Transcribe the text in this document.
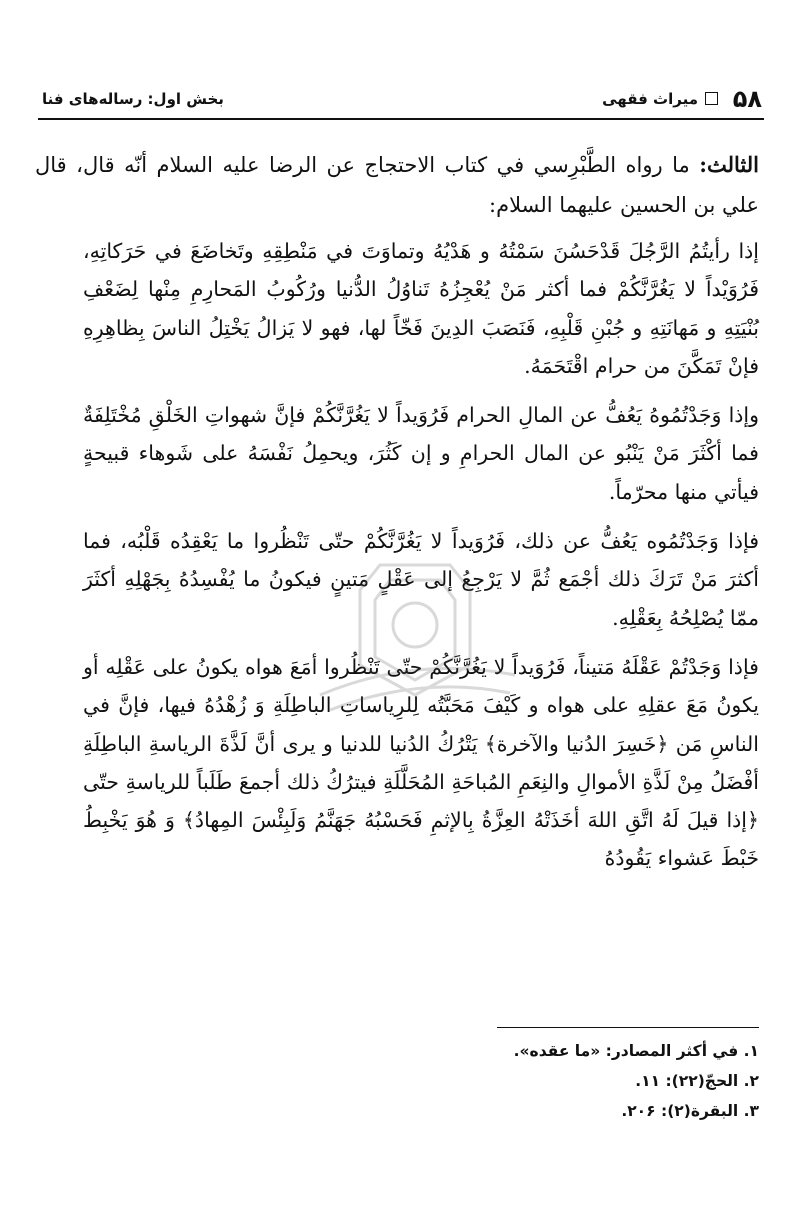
۵۸
میراث فقهی
بخش اول: رساله‌های فنا
الثالث: ما رواه الطَّبْرِسي في كتاب الاحتجاج عن الرضا عليه السلام أنّه قال، قال علي بن الحسين عليهما السلام:

إذا رأيتُمُ الرَّجُلَ قَدْحَسُنَ سَمْتُهُ و هَدْيُهُ وتماوَتَ في مَنْطِقِهِ وتَخاضَعَ في حَرَكاتِهِ، فَرُوَيْداً لا يَغُرَّنَّكُمْ فما أكثر مَنْ يُعْجِزُهُ تَناوُلُ الدُّنيا ورُكُوبُ المَحارِمِ مِنْها لِضَعْفِ بُنْيَتِهِ و مَهانَتِهِ و جُبْنِ قَلْبِهِ، فَنَصَبَ الدِينَ فَخّاً لها، فهو لا يَزالُ يَخْتِلُ الناسَ بِظاهِرِهِ فإنْ تَمَكَّنَ من حرام اقْتَحَمَهُ.

وإذا وَجَدْتُمُوهُ يَعُفُّ عن المالِ الحرام فَرُوَيداً لا يَغُرَّنَّكُمْ فإنَّ شهواتِ الخَلْقِ مُخْتَلِفَةٌ فما أكْثَرَ مَنْ يَنْبُو عن المال الحرامِ و إن كَثُرَ، ويحمِلُ نَفْسَهُ على شَوهاء قبيحةٍ فيأتي منها محرّماً.

فإذا وَجَدْتُمُوه يَعُفُّ عن ذلك، فَرُوَيداً لا يَغُرَّنَّكُمْ حتّى تَنْظُروا ما يَعْقِدُه قَلْبُه، فما أكثرَ مَنْ تَرَكَ ذلك أجْمَع ثُمَّ لا يَرْجِعُ إلى عَقْلٍ مَتينٍ فيكونُ ما يُفْسِدُهُ بِجَهْلِهِ أكثَرَ ممّا يُصْلِحُهُ بِعَقْلِهِ.

فإذا وَجَدْتُمْ عَقْلَهُ مَتيناً، فَرُوَيداً لا يَغُرَّنَّكُمْ حتّى تَنْظُروا أمَعَ هواه يكونُ على عَقْلِه أو يكونُ مَعَ عقلِهِ على هواه و كَيْفَ مَحَبَّتُه لِلرِياساتِ الباطِلَةِ وَ زُهْدُهُ فيها، فإنَّ في الناسِ مَن ﴿خَسِرَ الدُنيا والآخرة﴾ يَتْرُكُ الدُنيا للدنيا و يرى أنَّ لَذَّةَ الرياسةِ الباطِلَةِ أفْضَلُ مِنْ لَذَّةِ الأموالِ والنِعَمِ المُباحَةِ المُحَلَّلَةِ فيترُكُ ذلك أجمعَ طَلَباً للرياسةِ حتّى ﴿إذا قيلَ لَهُ اتَّقِ اللهَ أخَذَتْهُ العِزَّةُ بِالإثمِ فَحَسْبُهُ جَهَنَّمُ وَلَبِئْسَ المِهادُ﴾ وَ هُوَ يَخْبِطُ خَبْطَ عَشواء يَقُودُهُ

١. في أكثر المصادر: «ما عقده».
٢. الحجّ(٢٢): ١١.
٣. البقرة(٢): ٢٠۶.
